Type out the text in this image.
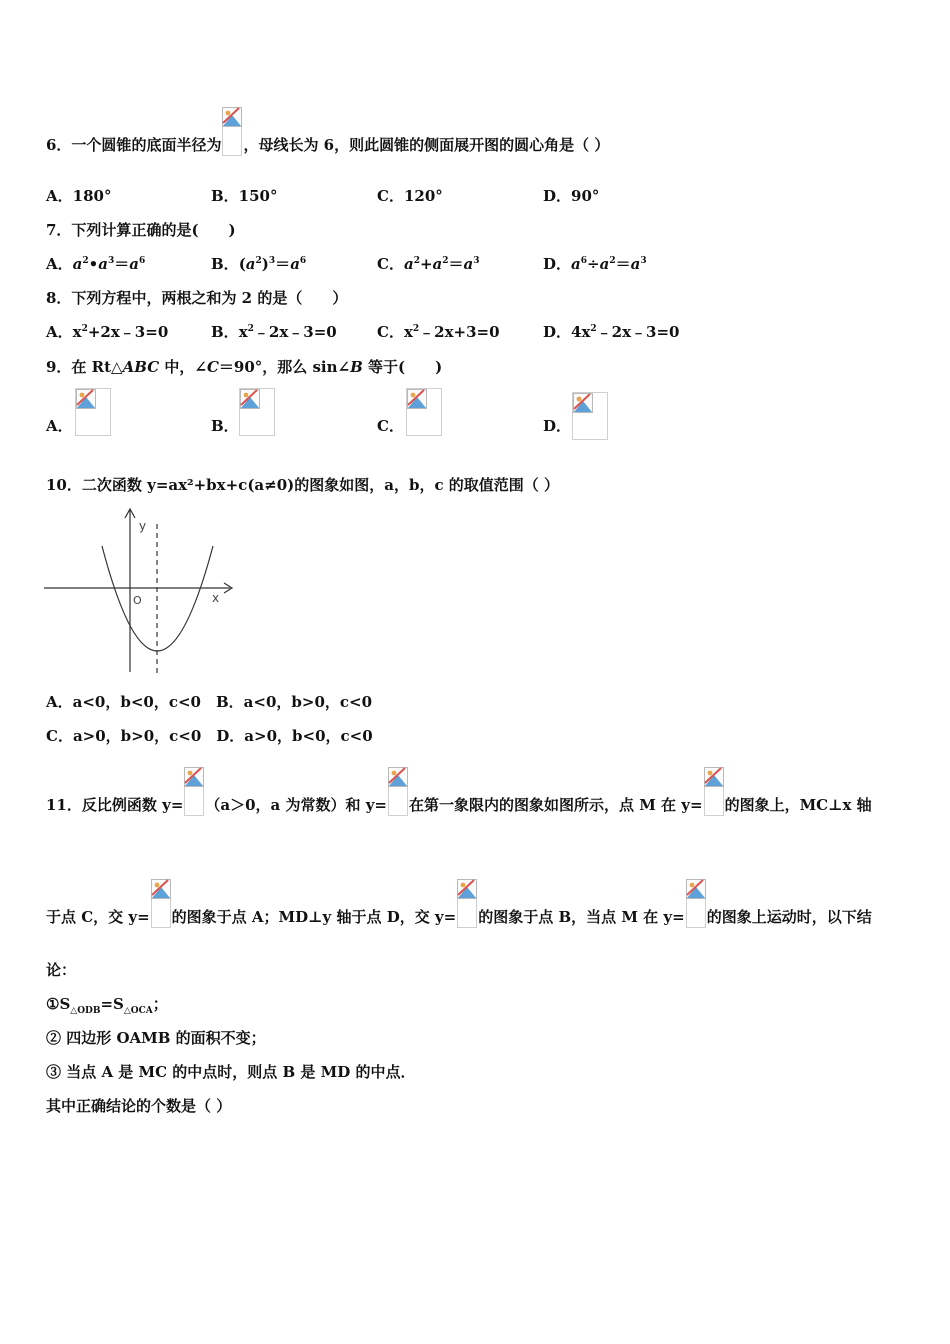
6．一个圆锥的底面半径为 ，母线长为 6，则此圆锥的侧面展开图的圆心角是（ ）
A．180°	B．150°	C．120°	D．90°
7．下列计算正确的是(　　)
A．$a^2•a^3=a^6$	B．$(a^2)^3=a^6$	C．$a^2+a^2=a^3$	D．$a^6\div a^2=a^3$
8．下列方程中，两根之和为 2 的是（　　）
A．$x^2+2x﹣3=0$	B．$x^2﹣2x﹣3=0$	C．$x^2﹣2x+3=0$	D．$4x^2﹣2x﹣3=0$
9．在 Rt△ABC 中，∠C＝90°，那么 sin∠B 等于(　　)
A．	B．	C．	D．
10．二次函数 y=ax²+bx+c(a≠0)的图象如图，a，b，c 的取值范围（ ）
y
x
O
A．a<0，b<0，c<0　B．a<0，b>0，c<0
C．a>0，b>0，c<0　D．a>0，b<0，c<0
11．反比例函数 y= （a＞0，a 为常数）和 y= 在第一象限内的图象如图所示，点 M 在 y= 的图象上，MC⊥x 轴
于点 C，交 y= 的图象于点 A；MD⊥y 轴于点 D，交 y= 的图象于点 B，当点 M 在 y= 的图象上运动时，以下结
论：
$①S_{\triangle ODB}=S_{\triangle OCA}$；
② 四边形 OAMB 的面积不变；
③ 当点 A 是 MC 的中点时，则点 B 是 MD 的中点．
其中正确结论的个数是（ ）
